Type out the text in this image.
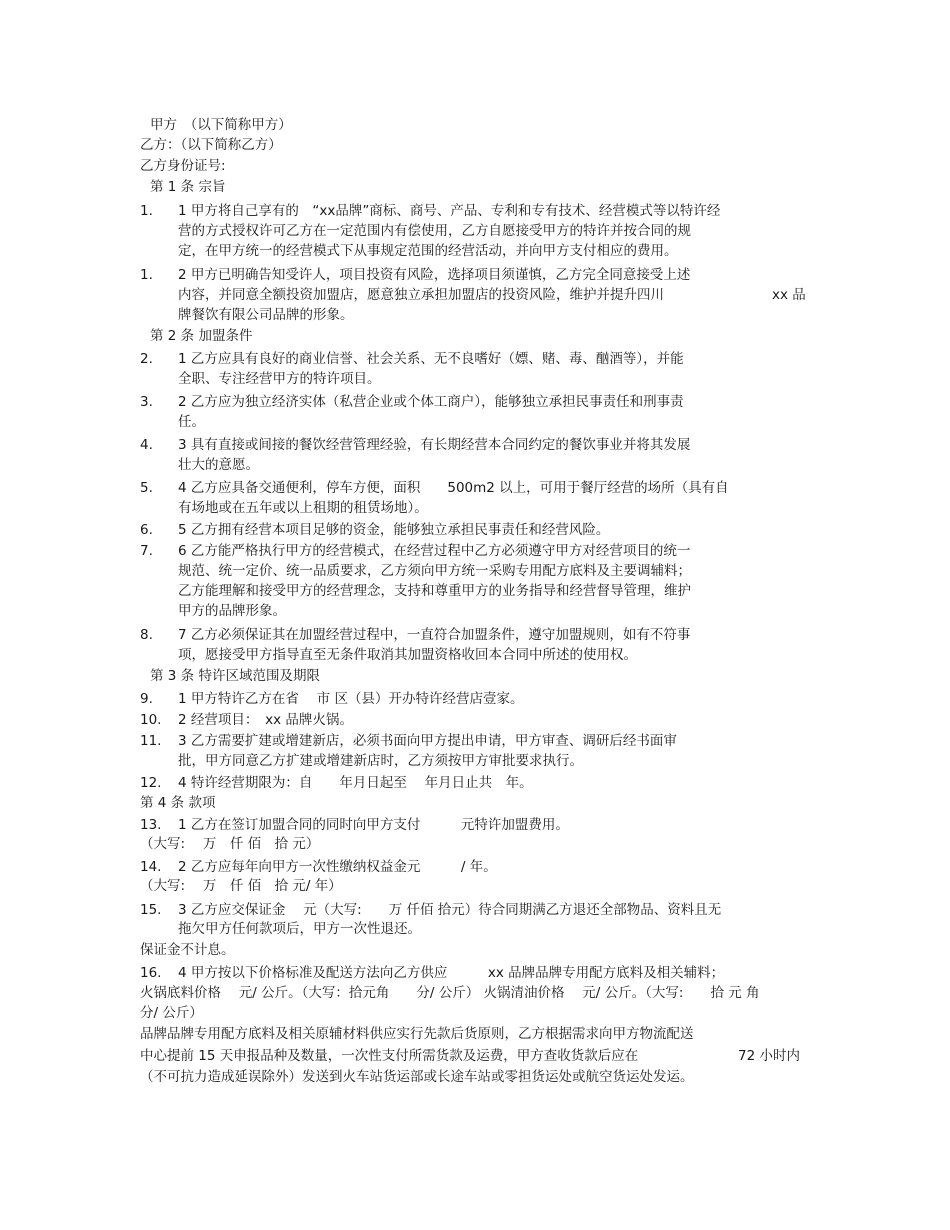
甲方　（以下简称甲方）
乙方：（以下简称乙方）
乙方身份证号:
第 1 条 宗旨
1. 1 甲方将自己享有的　“xx品牌”商标、商号、产品、专利和专有技术、经营模式等以特许经
营的方式授权许可乙方在一定范围内有偿使用，乙方自愿接受甲方的特许并按合同的规
定，在甲方统一的经营模式下从事规定范围的经营活动，并向甲方支付相应的费用。
1. 2 甲方已明确告知受许人，项目投资有风险，选择项目须谨慎，乙方完全同意接受上述
内容，并同意全额投资加盟店，愿意独立承担加盟店的投资风险，维护并提升四川	xx 品
牌餐饮有限公司品牌的形象。
第 2 条 加盟条件
2. 1 乙方应具有良好的商业信誉、社会关系、无不良嗜好（嫖、赌、毒、酗酒等），并能
全职、专注经营甲方的特许项目。
3. 2 乙方应为独立经济实体（私营企业或个体工商户），能够独立承担民事责任和刑事责
任。
4. 3 具有直接或间接的餐饮经营管理经验，有长期经营本合同约定的餐饮事业并将其发展
壮大的意愿。
5. 4 乙方应具备交通便利，停车方便，面积　　500m2 以上，可用于餐厅经营的场所（具有自
有场地或在五年或以上租期的租赁场地）。
6. 5 乙方拥有经营本项目足够的资金，能够独立承担民事责任和经营风险。
7. 6 乙方能严格执行甲方的经营模式，在经营过程中乙方必须遵守甲方对经营项目的统一
规范、统一定价、统一品质要求，乙方须向甲方统一采购专用配方底料及主要调辅料；
乙方能理解和接受甲方的经营理念，支持和尊重甲方的业务指导和经营督导管理，维护
甲方的品牌形象。
8. 7 乙方必须保证其在加盟经营过程中，一直符合加盟条件，遵守加盟规则，如有不符事
项，愿接受甲方指导直至无条件取消其加盟资格收回本合同中所述的使用权。
第 3 条 特许区域范围及期限
9. 1 甲方特许乙方在省　 市 区（县）开办特许经营店壹家。
10. 2 经营项目：　xx 品牌火锅。
11. 3 乙方需要扩建或增建新店，必须书面向甲方提出申请，甲方审查、调研后经书面审
批，甲方同意乙方扩建或增建新店时，乙方须按甲方审批要求执行。
12. 4 特许经营期限为：自　　年月日起至　 年月日止共　年。
第 4 条 款项
13. 1 乙方在签订加盟合同的同时向甲方支付　　　元特许加盟费用。
（大写:　 万　仟 佰　拾 元）
14. 2 乙方应每年向甲方一次性缴纳权益金元　　　/ 年。
（大写:　 万　仟 佰　拾 元/ 年）
15. 3 乙方应交保证金　 元（大写:　　万 仟佰 拾元）待合同期满乙方退还全部物品、资料且无
拖欠甲方任何款项后，甲方一次性退还。
保证金不计息。
16. 4 甲方按以下价格标准及配送方法向乙方供应　　　xx 品牌品牌专用配方底料及相关辅料；
火锅底料价格　 元/ 公斤。（大写：拾元角　　分/ 公斤） 火锅清油价格　 元/ 公斤。（大写:　　拾 元 角
分/ 公斤）
品牌品牌专用配方底料及相关原辅材料供应实行先款后货原则，乙方根据需求向甲方物流配送
中心提前 15 天申报品种及数量，一次性支付所需货款及运费，甲方查收货款后应在	72 小时内
（不可抗力造成延误除外）发送到火车站货运部或长途车站或零担货运处或航空货运处发运。
